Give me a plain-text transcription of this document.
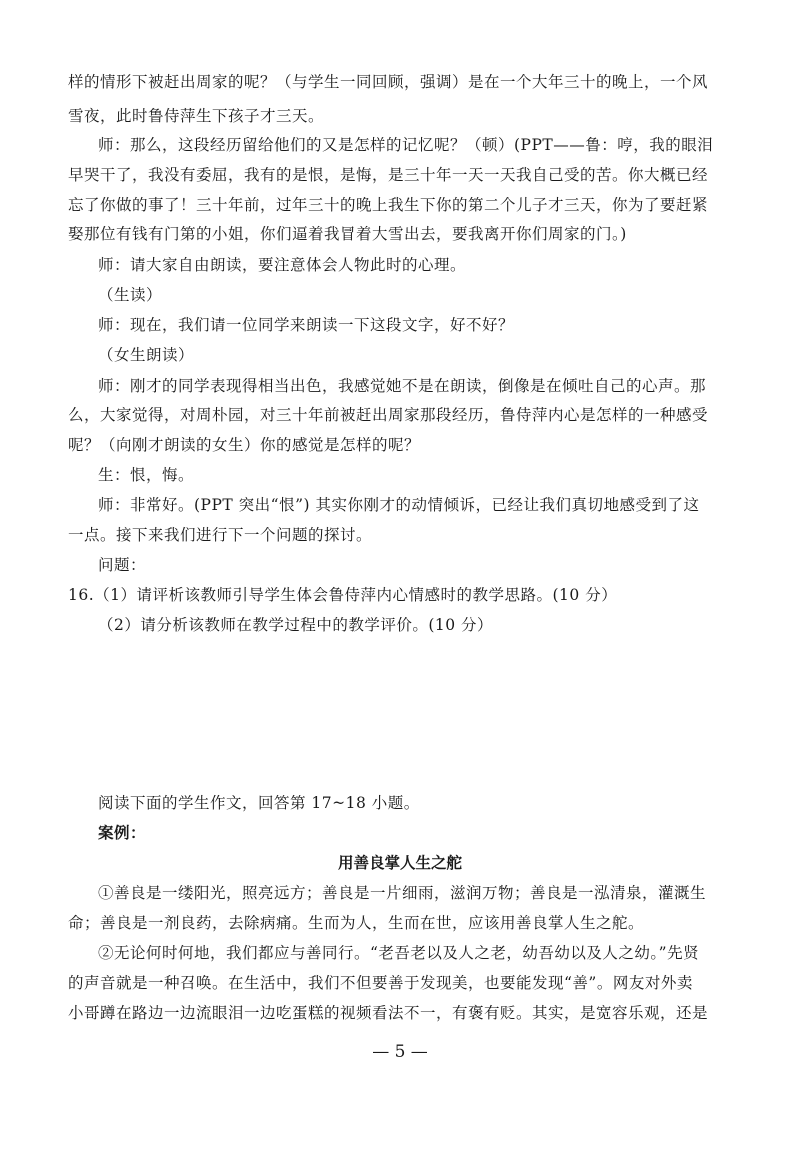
样的情形下被赶出周家的呢？（与学生一同回顾，强调）是在一个大年三十的晚上，一个风
雪夜，此时鲁侍萍生下孩子才三天。
师：那么，这段经历留给他们的又是怎样的记忆呢？（顿）(PPT——鲁：哼，我的眼泪
早哭干了，我没有委屈，我有的是恨，是悔，是三十年一天一天我自己受的苦。你大概已经
忘了你做的事了！三十年前，过年三十的晚上我生下你的第二个儿子才三天，你为了要赶紧
娶那位有钱有门第的小姐，你们逼着我冒着大雪出去，要我离开你们周家的门。)
师：请大家自由朗读，要注意体会人物此时的心理。
（生读）
师：现在，我们请一位同学来朗读一下这段文字，好不好？
（女生朗读）
师：刚才的同学表现得相当出色，我感觉她不是在朗读，倒像是在倾吐自己的心声。那
么，大家觉得，对周朴园，对三十年前被赶出周家那段经历，鲁侍萍内心是怎样的一种感受
呢？（向刚才朗读的女生）你的感觉是怎样的呢？
生：恨，悔。
师：非常好。(PPT 突出“恨”) 其实你刚才的动情倾诉，已经让我们真切地感受到了这
一点。接下来我们进行下一个问题的探讨。
问题：
16.（1）请评析该教师引导学生体会鲁侍萍内心情感时的教学思路。(10 分）
（2）请分析该教师在教学过程中的教学评价。(10 分）
阅读下面的学生作文，回答第 17~18 小题。
案例：
用善良掌人生之舵
①善良是一缕阳光，照亮远方；善良是一片细雨，滋润万物；善良是一泓清泉，灌溉生
命；善良是一剂良药，去除病痛。生而为人，生而在世，应该用善良掌人生之舵。
②无论何时何地，我们都应与善同行。“老吾老以及人之老，幼吾幼以及人之幼。”先贤
的声音就是一种召唤。在生活中，我们不但要善于发现美，也要能发现“善”。网友对外卖
小哥蹲在路边一边流眼泪一边吃蛋糕的视频看法不一，有褒有贬。其实，是宽容乐观，还是
— 5 —
